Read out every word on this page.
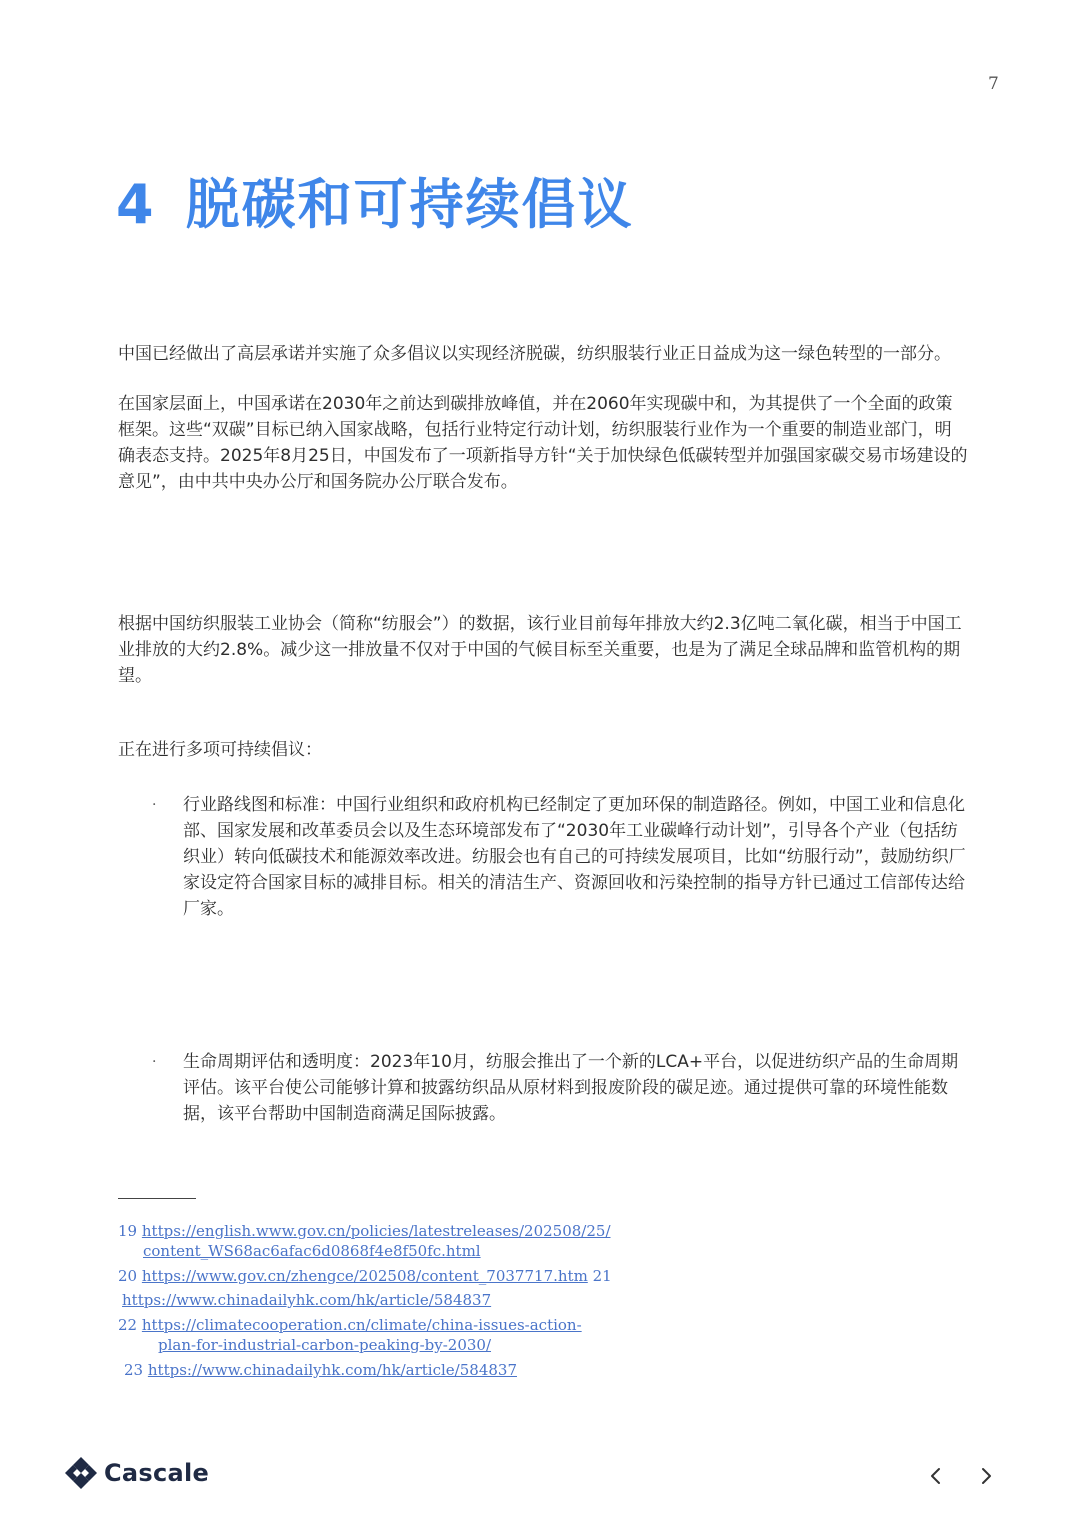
7
4 脱碳和可持续倡议

中国已经做出了高层承诺并实施了众多倡议以实现经济脱碳，纺织服装行业正日益成为这一绿色转型的一部分。

在国家层面上，中国承诺在2030年之前达到碳排放峰值，并在2060年实现碳中和，为其提供了一个全面的政策框架。这些“双碳”目标已纳入国家战略，包括行业特定行动计划，纺织服装行业作为一个重要的制造业部门，明确表态支持。2025年8月25日，中国发布了一项新指导方针“关于加快绿色低碳转型并加强国家碳交易市场建设的意见”，由中共中央办公厅和国务院办公厅联合发布。

根据中国纺织服装工业协会（简称“纺服会”）的数据，该行业目前每年排放大约2.3亿吨二氧化碳，相当于中国工业排放的大约2.8%。减少这一排放量不仅对于中国的气候目标至关重要，也是为了满足全球品牌和监管机构的期望。

正在进行多项可持续倡议：

· 行业路线图和标准：中国行业组织和政府机构已经制定了更加环保的制造路径。例如，中国工业和信息化部、国家发展和改革委员会以及生态环境部发布了“2030年工业碳峰行动计划”，引导各个产业（包括纺织业）转向低碳技术和能源效率改进。纺服会也有自己的可持续发展项目，比如“纺服行动”，鼓励纺织厂家设定符合国家目标的减排目标。相关的清洁生产、资源回收和污染控制的指导方针已通过工信部传达给厂家。

· 生命周期评估和透明度：2023年10月，纺服会推出了一个新的LCA+平台，以促进纺织产品的生命周期评估。该平台使公司能够计算和披露纺织品从原材料到报废阶段的碳足迹。通过提供可靠的环境性能数据，该平台帮助中国制造商满足国际披露。

19 https://english.www.gov.cn/policies/latestreleases/202508/25/
content_WS68ac6afac6d0868f4e8f50fc.html
20 https://www.gov.cn/zhengce/202508/content_7037717.htm 21
https://www.chinadailyhk.com/hk/article/584837
22 https://climatecooperation.cn/climate/china-issues-action-
plan-for-industrial-carbon-peaking-by-2030/
23 https://www.chinadailyhk.com/hk/article/584837
Cascale
